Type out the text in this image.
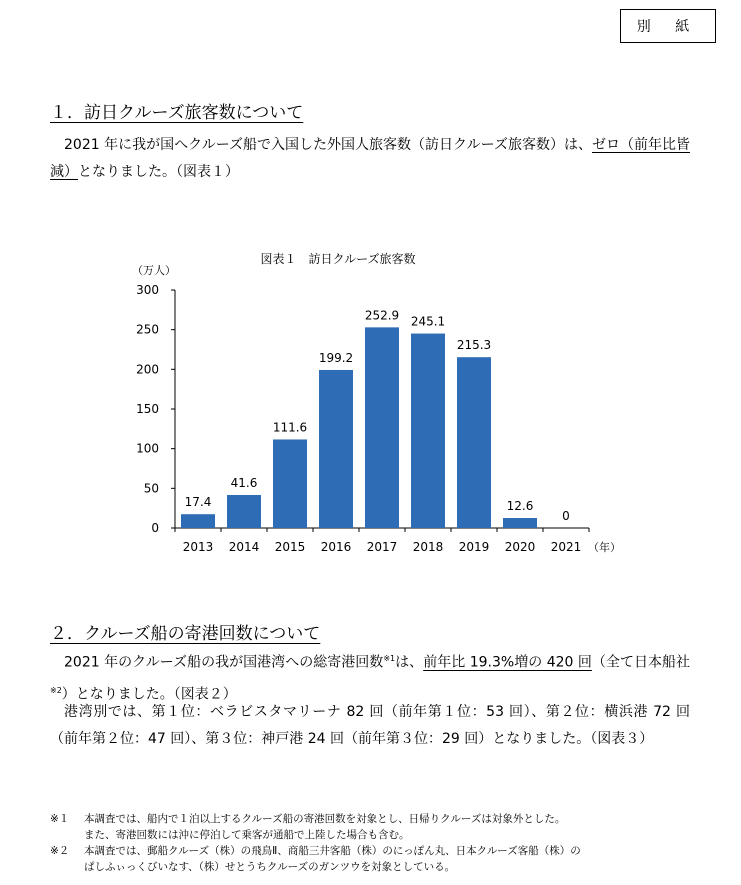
別 紙
１．訪日クルーズ旅客数について

2021 年に我が国へクルーズ船で入国した外国人旅客数（訪日クルーズ旅客数）は、ゼロ（前年比皆減）となりました。（図表１）

図表１　訪日クルーズ旅客数
（万人）
0
50
100
150
200
250
300
17.4
2013
41.6
2014
111.6
2015
199.2
2016
252.9
2017
245.1
2018
215.3
2019
12.6
2020
0
2021 （年）
２．クルーズ船の寄港回数について

2021 年のクルーズ船の我が国港湾への総寄港回数$^{※1}$は、前年比 19.3%増の 420 回（全て日本船社$^{※2}$）となりました。（図表２）

港湾別では、第１位：ベラビスタマリーナ 82 回（前年第１位：53 回）、第２位：横浜港 72 回（前年第２位：47 回）、第３位：神戸港 24 回（前年第３位：29 回）となりました。（図表３）

※１	本調査では、船内で１泊以上するクルーズ船の寄港回数を対象とし、日帰りクルーズは対象外とした。
また、寄港回数には沖に停泊して乗客が通船で上陸した場合も含む。
※２	本調査では、郵船クルーズ（株）の飛鳥Ⅱ、商船三井客船（株）のにっぽん丸、日本クルーズ客船（株）の
ぱしふぃっくびいなす、（株）せとうちクルーズのガンツウを対象としている。
